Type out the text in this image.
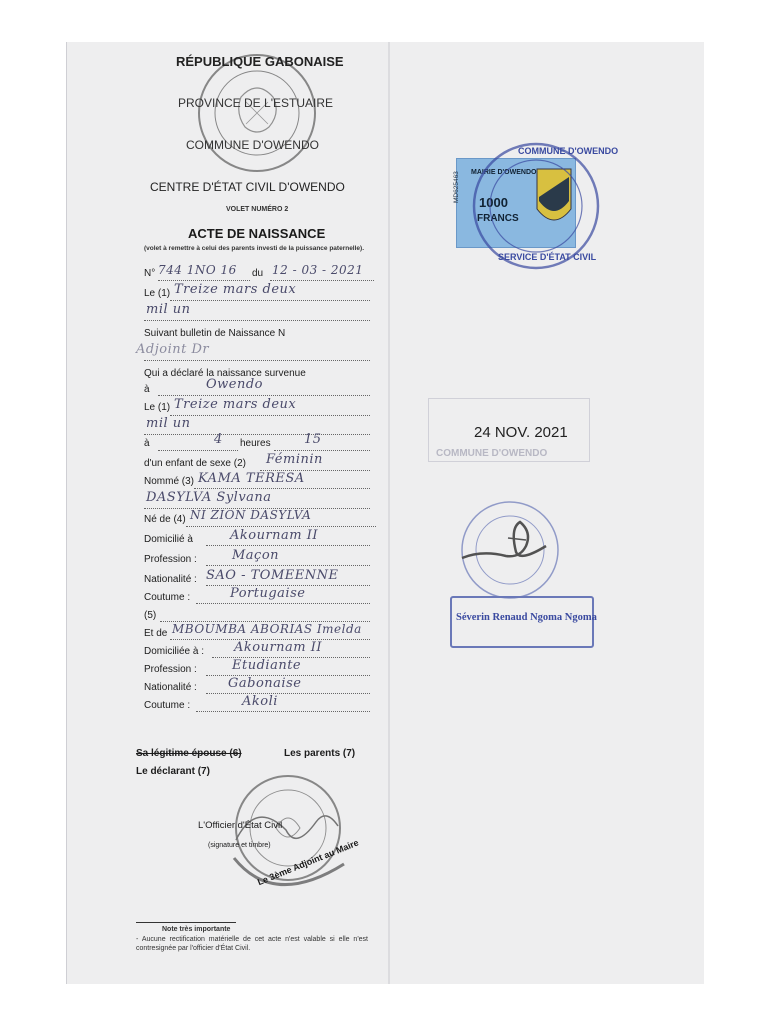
RÉPUBLIQUE GABONAISE
PROVINCE DE L'ESTUAIRE
COMMUNE D'OWENDO
CENTRE D'ÉTAT CIVIL D'OWENDO
VOLET NUMÉRO 2
ACTE DE NAISSANCE
(volet à remettre à celui des parents investi de la puissance paternelle).
N° 744 1NO 16 du 12 - 03 - 2021
Le (1) Treize mars deux
mil un
Suivant bulletin de Naissance N
Adjoint Dr
Qui a déclaré la naissance survenue
à	Owendo
Le (1) Treize mars deux
mil un
à	4 heures	15
d'un enfant de sexe (2) Féminin
Nommé (3) KAMA TERESA
DASYLVA Sylvana
Né de (4) NI ZION DASYLVA
Domicilié à	Akournam II
Profession :	Maçon
Nationalité : SAO - TOMEENNE
Coutume :	Portugaise
(5)
Et de MBOUMBA ABORIAS Imelda
Domiciliée à : Akournam II
Profession :	Etudiante
Nationalité : Gabonaise
Coutume :	Akoli
Sa légitime épouse (6)	Les parents (7)
Le déclarant (7)
L'Officier d'État Civil
(signature et timbre)
Le 3ème Adjoint au Maire
Note très importante
- Aucune rectification matérielle de cet acte n'est valable si elle n'est contresignée par l'officier d'État Civil.
MD625463 MAIRIE D'OWENDO
1000
FRANCS
COMMUNE D'OWENDO
SERVICE D'ÉTAT CIVIL
24 NOV. 2021
COMMUNE D'OWENDO
Séverin Renaud Ngoma Ngoma
